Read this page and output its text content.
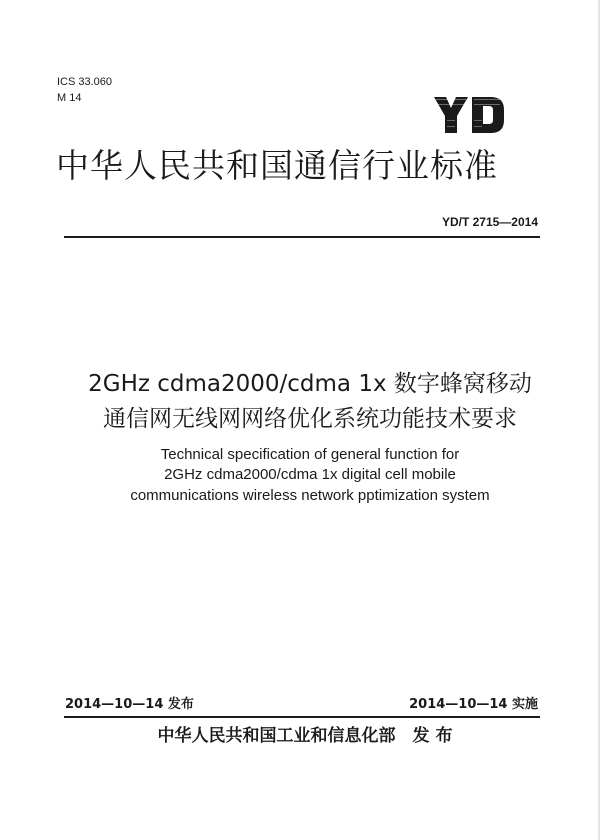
ICS 33.060
M 14
中华人民共和国通信行业标准
YD/T 2715—2014
2GHz cdma2000/cdma 1x 数字蜂窝移动
通信网无线网网络优化系统功能技术要求
Technical specification of general function for
2GHz cdma2000/cdma 1x digital cell mobile
communications wireless network pptimization system
2014—10—14 发布	2014—10—14 实施
中华人民共和国工业和信息化部　发 布
